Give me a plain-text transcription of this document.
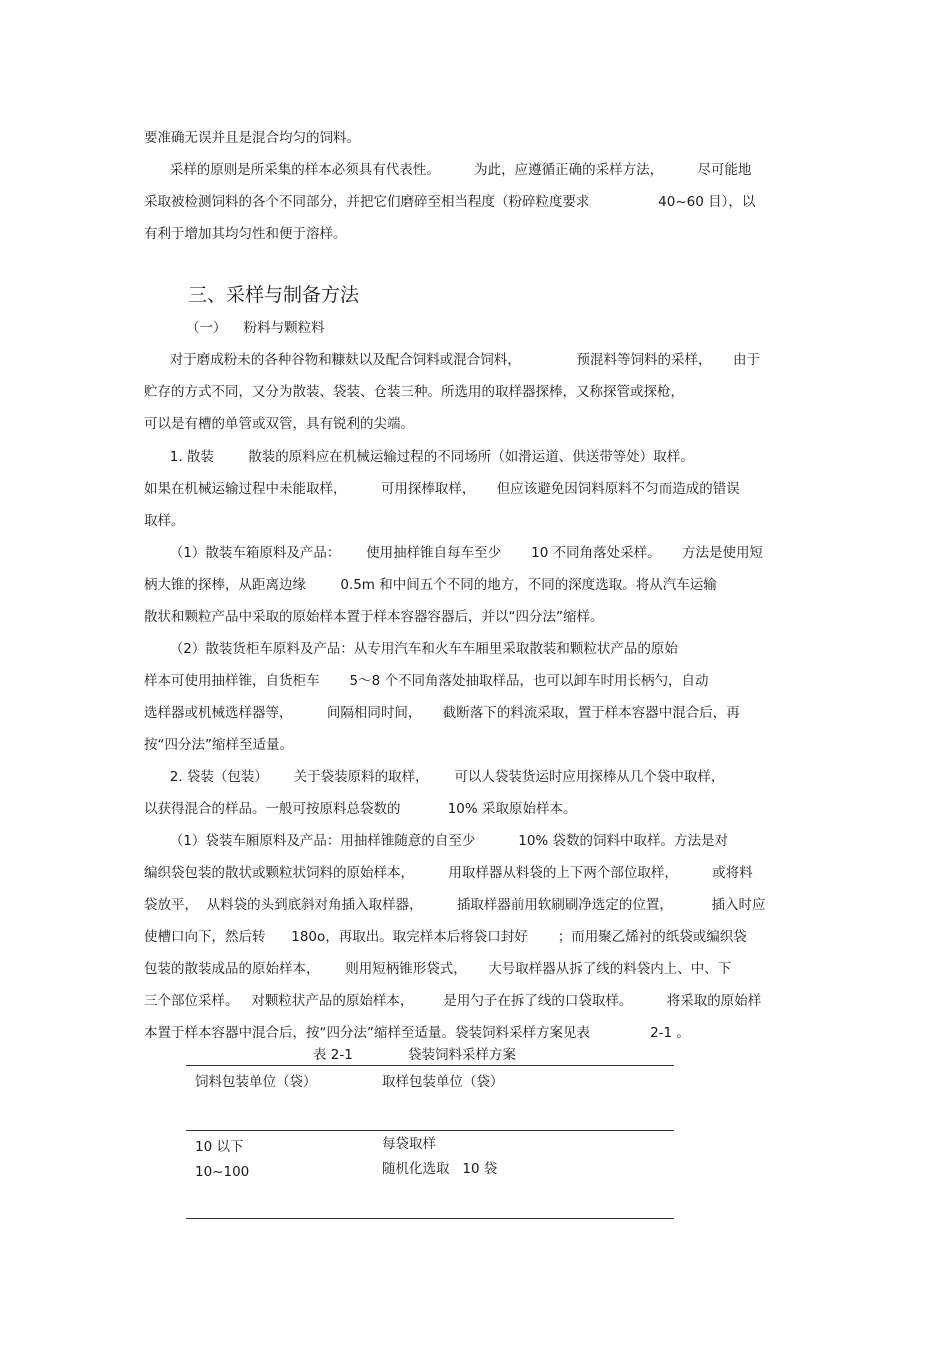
要准确无误并且是混合均匀的饲料。
采样的原则是所采集的样本必须具有代表性。        为此，应遵循正确的采样方法，        尽可能地
采取被检测饲料的各个不同部分，并把它们磨碎至相当程度（粉碎粒度要求                40~60 目），以
有利于增加其均匀性和便于溶样。
对于磨成粉未的各种谷物和糠麸以及配合饲料或混合饲料，             预混料等饲料的采样，     由于
贮存的方式不同，又分为散装、袋装、仓装三种。所选用的取样器探棒，又称探管或探枪，
可以是有槽的单管或双管，具有锐利的尖端。
1. 散装        散装的原料应在机械运输过程的不同场所（如滑运道、供送带等处）取样。
如果在机械运输过程中未能取样，        可用探棒取样，     但应该避免因饲料原料不匀而造成的错误
取样。
（1）散装车箱原料及产品：      使用抽样锥自每车至少       10 不同角落处采样。     方法是使用短
柄大锥的探棒，从距离边缘        0.5m 和中间五个不同的地方，不同的深度选取。将从汽车运输
散状和颗粒产品中采取的原始样本置于样本容器容器后，并以“四分法”缩样。
（2）散装货柜车原料及产品：从专用汽车和火车车厢里采取散装和颗粒状产品的原始
样本可使用抽样锥，自货柜车       5～8 个不同角落处抽取样品，也可以卸车时用长柄勺，自动
选样器或机械选样器等，        间隔相同时间，     截断落下的料流采取，置于样本容器中混合后，再
按“四分法”缩样至适量。
2. 袋装（包装）      关于袋装原料的取样，      可以人袋装货运时应用探棒从几个袋中取样，
以获得混合的样品。一般可按原料总袋数的           10% 采取原始样本。
（1）袋装车厢原料及产品：用抽样锥随意的自至少          10% 袋数的饲料中取样。方法是对
编织袋包装的散状或颗粒状饲料的原始样本，        用取样器从料袋的上下两个部位取样，        或将料
袋放平，  从料袋的头到底斜对角插入取样器，        插取样器前用软刷刷净选定的位置，         插入时应
使槽口向下，然后转      180o，再取出。取完样本后将袋口封好       ；而用聚乙烯衬的纸袋或编织袋
包装的散装成品的原始样本，      则用短柄锥形袋式，     大号取样器从拆了线的料袋内上、中、下
三个部位采样。   对颗粒状产品的原始样本，       是用勺子在拆了线的口袋取样。        将采取的原始样
本置于样本容器中混合后，按“四分法”缩样至适量。袋装饲料采样方案见表              2-1 。
三、采样与制备方法
（一）    粉料与颗粒料
表 2-1	袋装饲料采样方案
饲料包装单位（袋）	取样包装单位（袋）
10 以下	每袋取样
10~100	随机化选取   10 袋
